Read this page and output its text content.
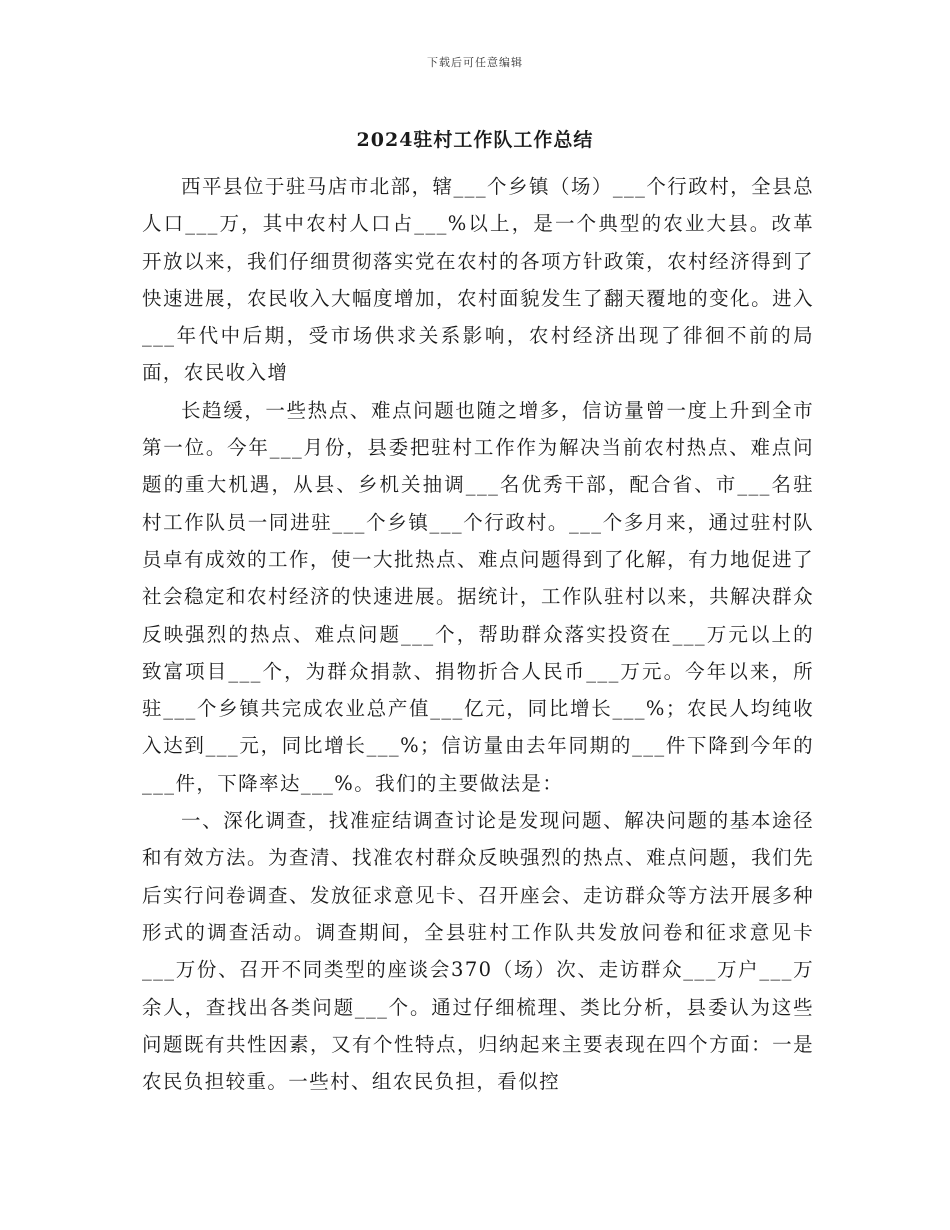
下载后可任意编辑
2024驻村工作队工作总结

西平县位于驻马店市北部，辖___个乡镇（场）___个行政村，全县总人口___万，其中农村人口占___%以上，是一个典型的农业大县。改革开放以来，我们仔细贯彻落实党在农村的各项方针政策，农村经济得到了快速进展，农民收入大幅度增加，农村面貌发生了翻天覆地的变化。进入___年代中后期，受市场供求关系影响，农村经济出现了徘徊不前的局面，农民收入增

长趋缓，一些热点、难点问题也随之增多，信访量曾一度上升到全市第一位。今年___月份，县委把驻村工作作为解决当前农村热点、难点问题的重大机遇，从县、乡机关抽调___名优秀干部，配合省、市___名驻村工作队员一同进驻___个乡镇___个行政村。___个多月来，通过驻村队员卓有成效的工作，使一大批热点、难点问题得到了化解，有力地促进了社会稳定和农村经济的快速进展。据统计，工作队驻村以来，共解决群众反映强烈的热点、难点问题___个，帮助群众落实投资在___万元以上的致富项目___个，为群众捐款、捐物折合人民币___万元。今年以来，所驻___个乡镇共完成农业总产值___亿元，同比增长___%；农民人均纯收入达到___元，同比增长___%；信访量由去年同期的___件下降到今年的___件，下降率达___%。我们的主要做法是：

一、深化调查，找准症结调查讨论是发现问题、解决问题的基本途径和有效方法。为查清、找准农村群众反映强烈的热点、难点问题，我们先后实行问卷调查、发放征求意见卡、召开座会、走访群众等方法开展多种形式的调查活动。调查期间，全县驻村工作队共发放问卷和征求意见卡___万份、召开不同类型的座谈会370（场）次、走访群众___万户___万余人，查找出各类问题___个。通过仔细梳理、类比分析，县委认为这些问题既有共性因素，又有个性特点，归纳起来主要表现在四个方面：一是农民负担较重。一些村、组农民负担，看似控
